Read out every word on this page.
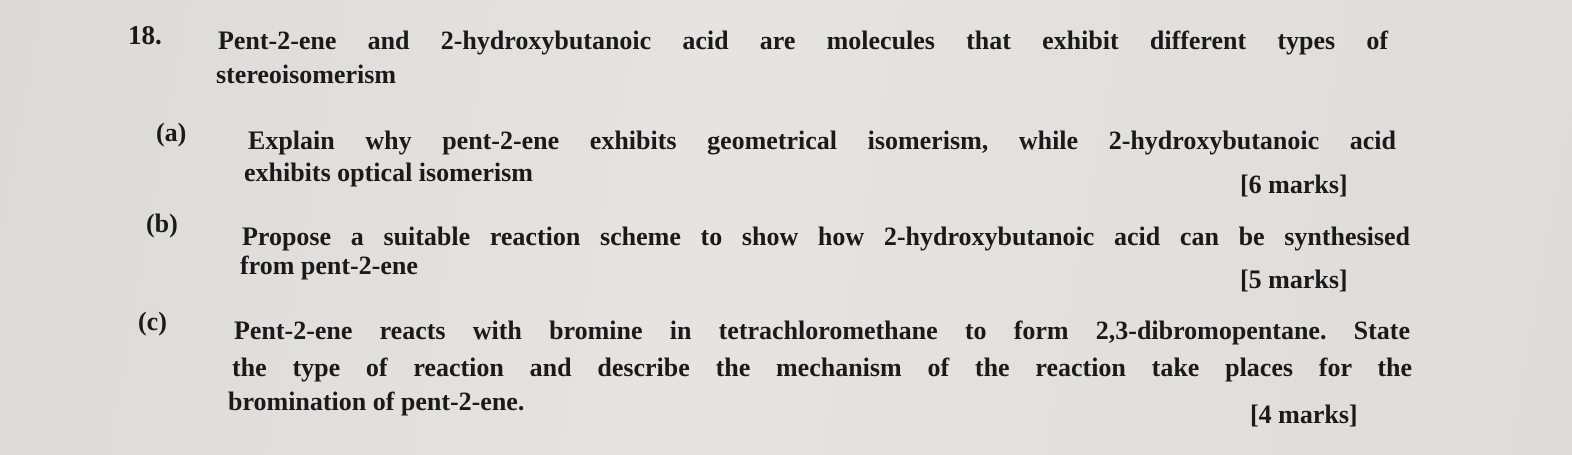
18. Pent-2-ene and 2-hydroxybutanoic acid are molecules that exhibit different types of
stereoisomerism
(a) Explain why pent-2-ene exhibits geometrical isomerism, while 2-hydroxybutanoic acid
exhibits optical isomerism	[6 marks]
(b) Propose a suitable reaction scheme to show how 2-hydroxybutanoic acid can be synthesised
from pent-2-ene	[5 marks]
(c)	Pent-2-ene reacts with bromine in tetrachloromethane to form 2,3-dibromopentane. State
the type of reaction and describe the mechanism of the reaction take places for the
bromination of pent-2-ene.	[4 marks]
